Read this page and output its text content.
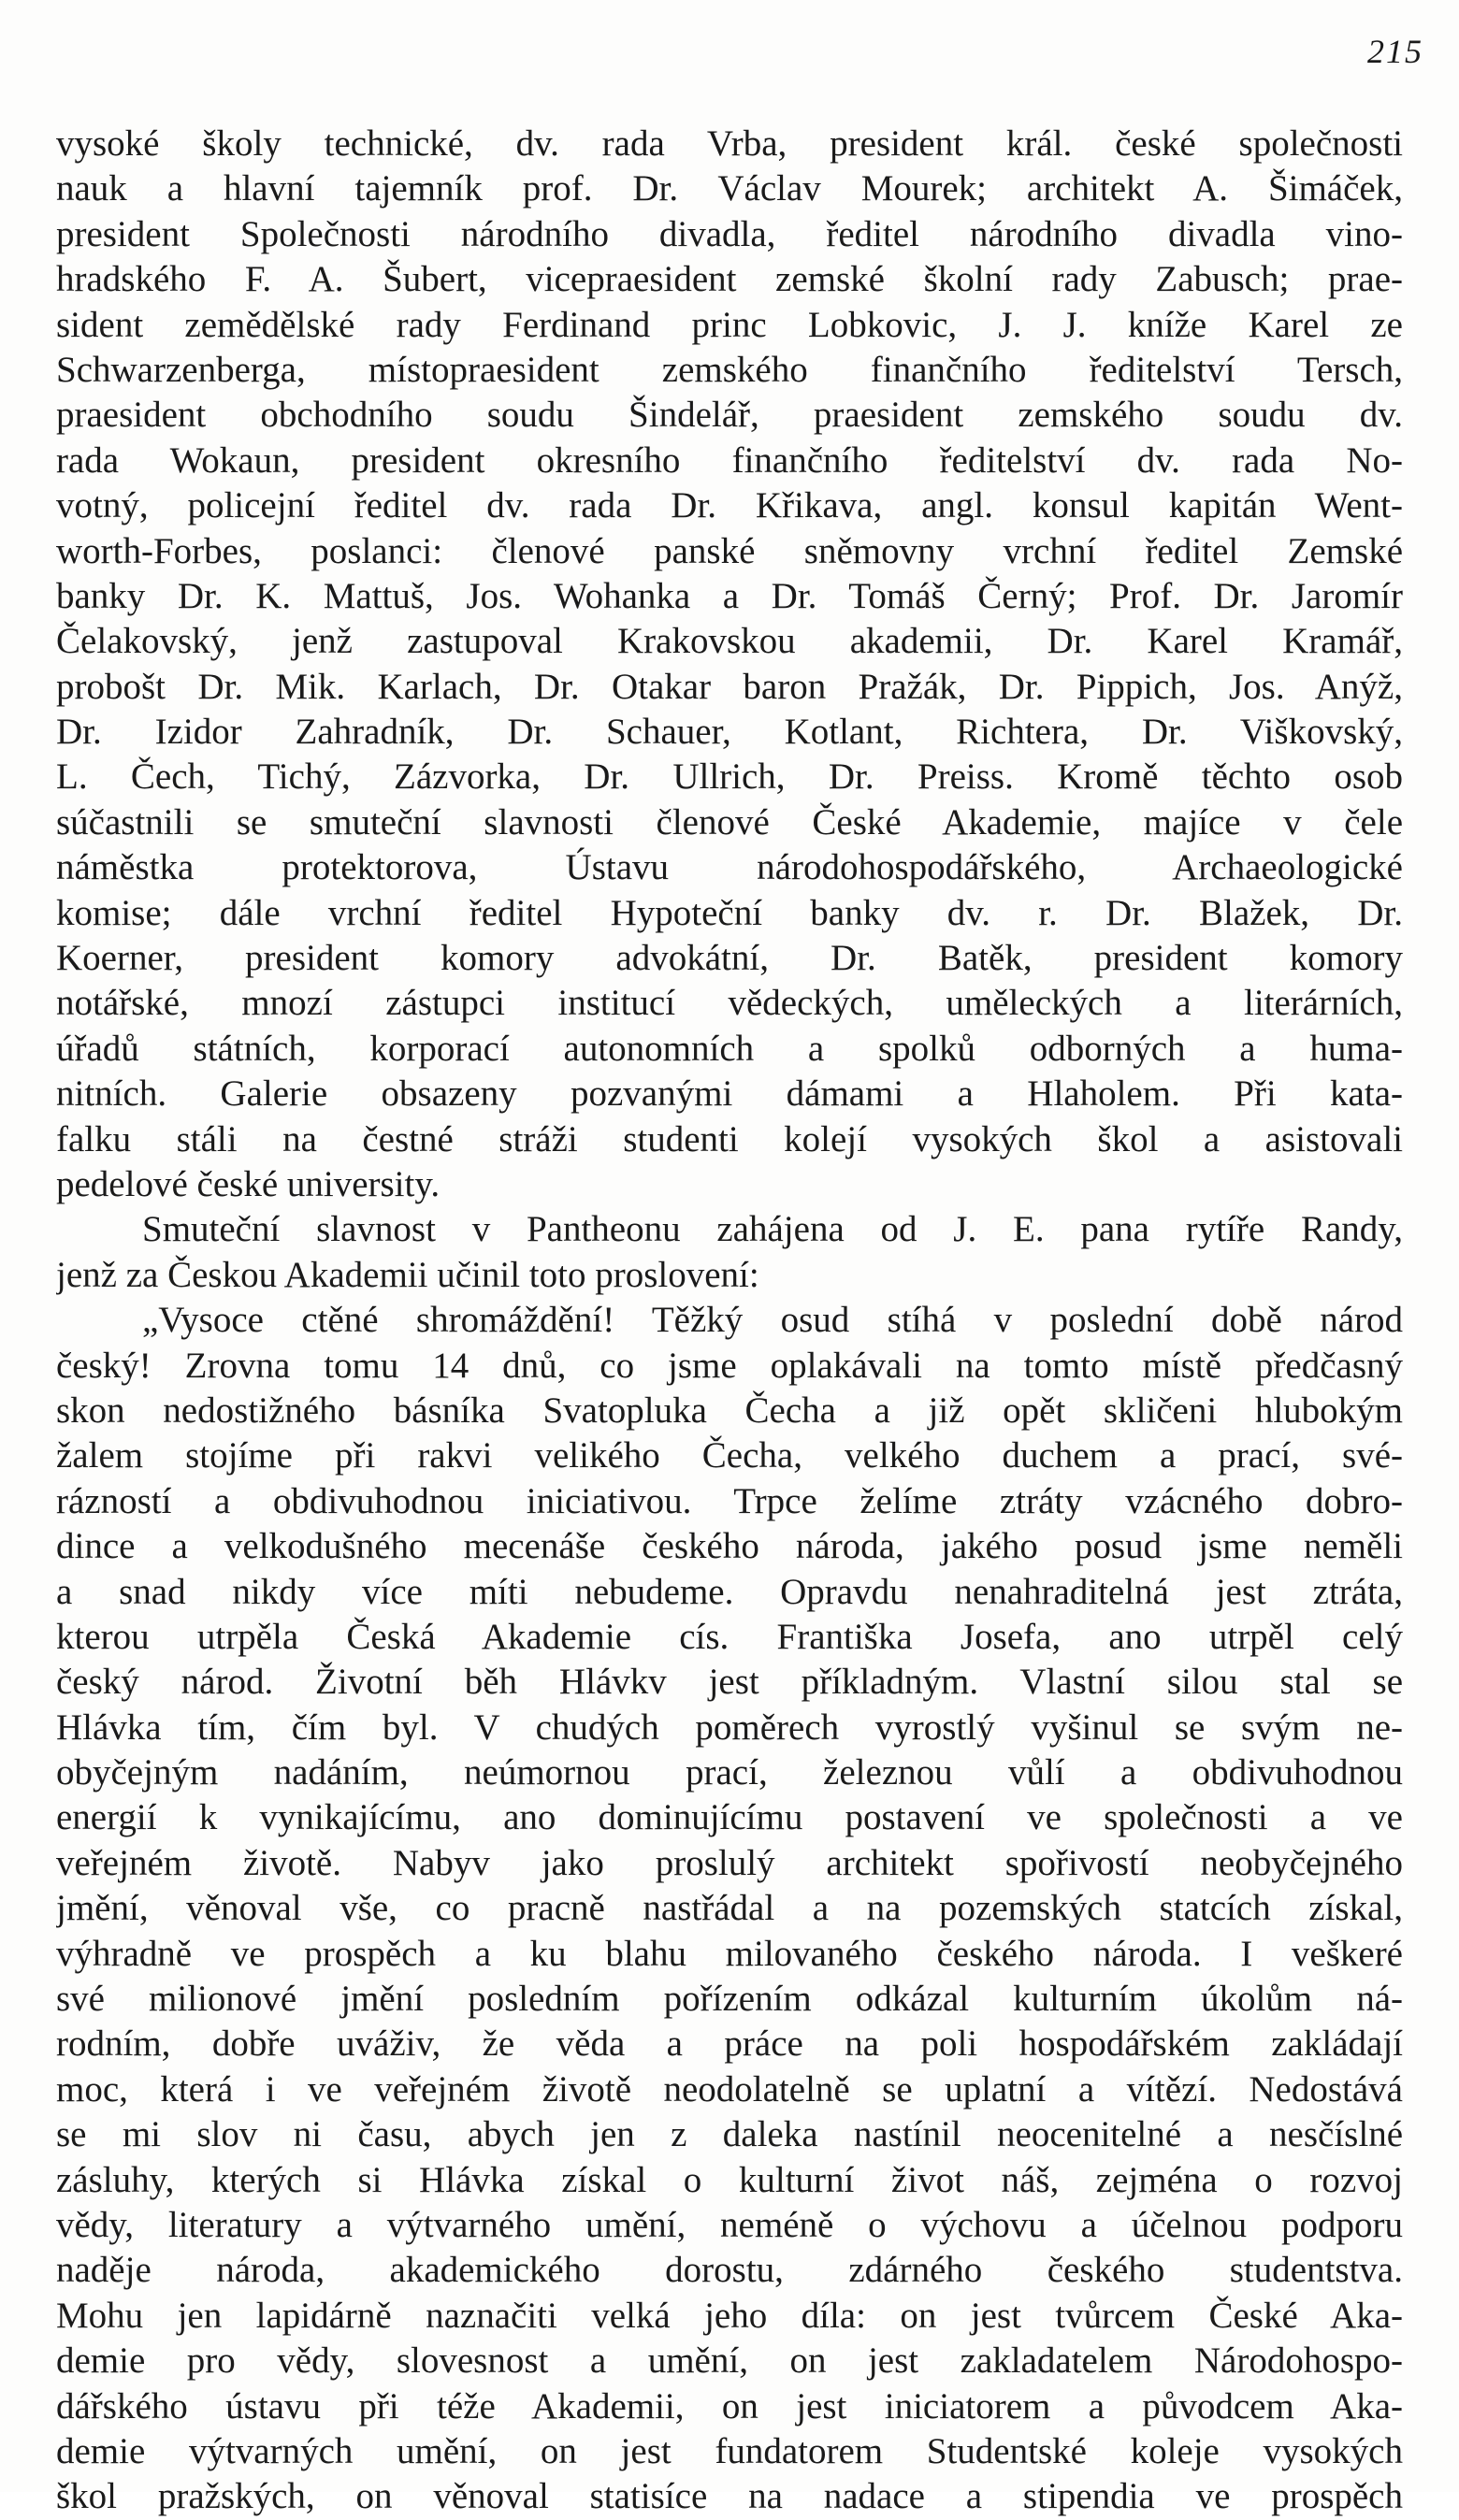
215
vysoké školy technické, dv. rada Vrba, president král. české společnosti
nauk a hlavní tajemník prof. Dr. Václav Mourek; architekt A. Šimáček,
president Společnosti národního divadla, ředitel národního divadla vino-
hradského F. A. Šubert, vicepraesident zemské školní rady Zabusch; prae-
sident zemědělské rady Ferdinand princ Lobkovic, J. J. kníže Karel ze
Schwarzenberga, místopraesident zemského finančního ředitelství Tersch,
praesident obchodního soudu Šindelář, praesident zemského soudu dv.
rada Wokaun, president okresního finančního ředitelství dv. rada No-
votný, policejní ředitel dv. rada Dr. Křikava, angl. konsul kapitán Went-
worth-Forbes, poslanci: členové panské sněmovny vrchní ředitel Zemské
banky Dr. K. Mattuš, Jos. Wohanka a Dr. Tomáš Černý; Prof. Dr. Jaromír
Čelakovský, jenž zastupoval Krakovskou akademii, Dr. Karel Kramář,
probošt Dr. Mik. Karlach, Dr. Otakar baron Pražák, Dr. Pippich, Jos. Anýž,
Dr. Izidor Zahradník, Dr. Schauer, Kotlant, Richtera, Dr. Viškovský,
L. Čech, Tichý, Zázvorka, Dr. Ullrich, Dr. Preiss. Kromě těchto osob
súčastnili se smuteční slavnosti členové České Akademie, majíce v čele
náměstka protektorova, Ústavu národohospodářského, Archaeologické
komise; dále vrchní ředitel Hypoteční banky dv. r. Dr. Blažek, Dr.
Koerner, president komory advokátní, Dr. Batěk, president komory
notářské, mnozí zástupci institucí vědeckých, uměleckých a literárních,
úřadů státních, korporací autonomních a spolků odborných a huma-
nitních. Galerie obsazeny pozvanými dámami a Hlaholem. Při kata-
falku stáli na čestné stráži studenti kolejí vysokých škol a asistovali
pedelové české university.
Smuteční slavnost v Pantheonu zahájena od J. E. pana rytíře Randy,
jenž za Českou Akademii učinil toto proslovení:
„Vysoce ctěné shromáždění! Těžký osud stíhá v poslední době národ
český! Zrovna tomu 14 dnů, co jsme oplakávali na tomto místě předčasný
skon nedostižného básníka Svatopluka Čecha a již opět skličeni hlubokým
žalem stojíme při rakvi velikého Čecha, velkého duchem a prací, své-
rázností a obdivuhodnou iniciativou. Trpce želíme ztráty vzácného dobro-
dince a velkodušného mecenáše českého národa, jakého posud jsme neměli
a snad nikdy více míti nebudeme. Opravdu nenahraditelná jest ztráta,
kterou utrpěla Česká Akademie cís. Františka Josefa, ano utrpěl celý
český národ. Životní běh Hlávkv jest příkladným. Vlastní silou stal se
Hlávka tím, čím byl. V chudých poměrech vyrostlý vyšinul se svým ne-
obyčejným nadáním, neúmornou prací, železnou vůlí a obdivuhodnou
energií k vynikajícímu, ano dominujícímu postavení ve společnosti a ve
veřejném životě. Nabyv jako proslulý architekt spořivostí neobyčejného
jmění, věnoval vše, co pracně nastřádal a na pozemských statcích získal,
výhradně ve prospěch a ku blahu milovaného českého národa. I veškeré
své milionové jmění posledním pořízením odkázal kulturním úkolům ná-
rodním, dobře uváživ, že věda a práce na poli hospodářském zakládají
moc, která i ve veřejném životě neodolatelně se uplatní a vítězí. Nedostává
se mi slov ni času, abych jen z daleka nastínil neocenitelné a nesčíslné
zásluhy, kterých si Hlávka získal o kulturní život náš, zejména o rozvoj
vědy, literatury a výtvarného umění, neméně o výchovu a účelnou podporu
naděje národa, akademického dorostu, zdárného českého studentstva.
Mohu jen lapidárně naznačiti velká jeho díla: on jest tvůrcem České Aka-
demie pro vědy, slovesnost a umění, on jest zakladatelem Národohospo-
dářského ústavu při téže Akademii, on jest iniciatorem a původcem Aka-
demie výtvarných umění, on jest fundatorem Studentské koleje vysokých
škol pražských, on věnoval statisíce na nadace a stipendia ve prospěch
